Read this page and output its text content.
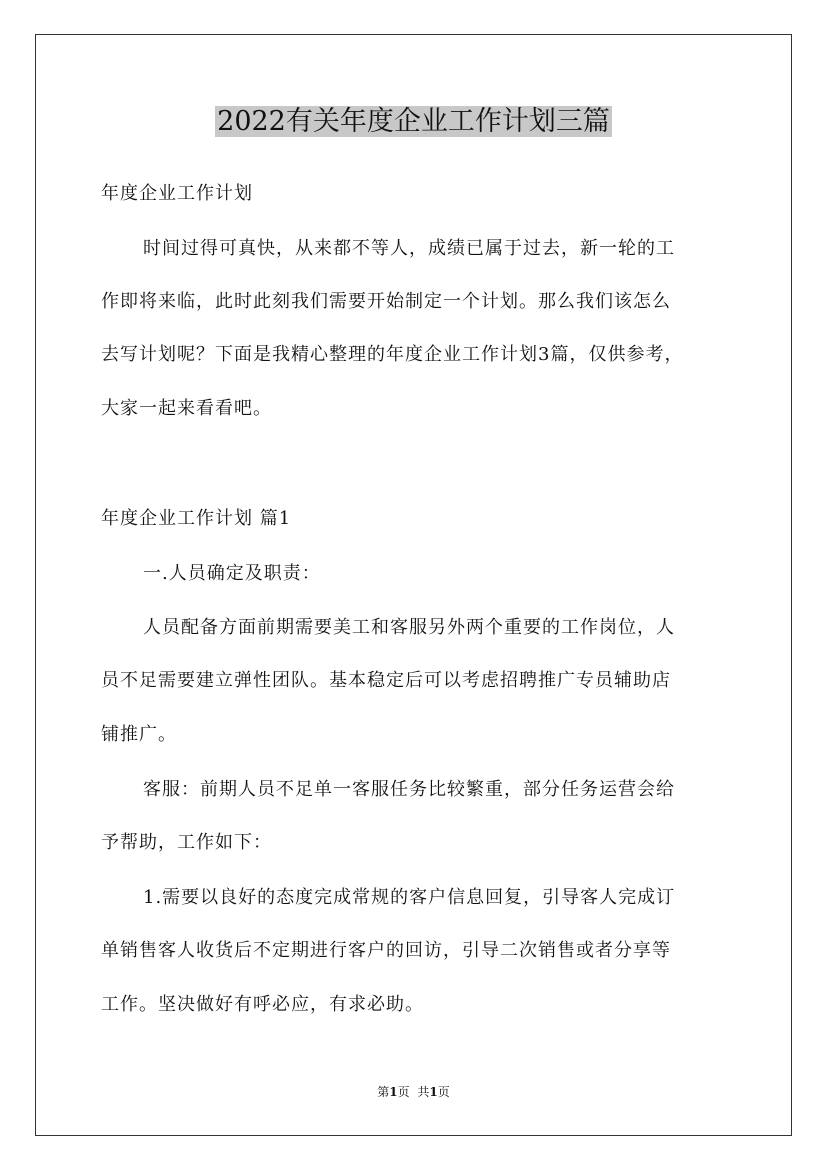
2022有关年度企业工作计划三篇
年度企业工作计划
时间过得可真快，从来都不等人，成绩已属于过去，新一轮的工
作即将来临，此时此刻我们需要开始制定一个计划。那么我们该怎么
去写计划呢？下面是我精心整理的年度企业工作计划3篇，仅供参考，
大家一起来看看吧。
年度企业工作计划 篇1
一.人员确定及职责：
人员配备方面前期需要美工和客服另外两个重要的工作岗位，人
员不足需要建立弹性团队。基本稳定后可以考虑招聘推广专员辅助店
铺推广。
客服：前期人员不足单一客服任务比较繁重，部分任务运营会给
予帮助，工作如下：
1.需要以良好的态度完成常规的客户信息回复，引导客人完成订
单销售客人收货后不定期进行客户的回访，引导二次销售或者分享等
工作。坚决做好有呼必应，有求必助。
第1页 共1页
